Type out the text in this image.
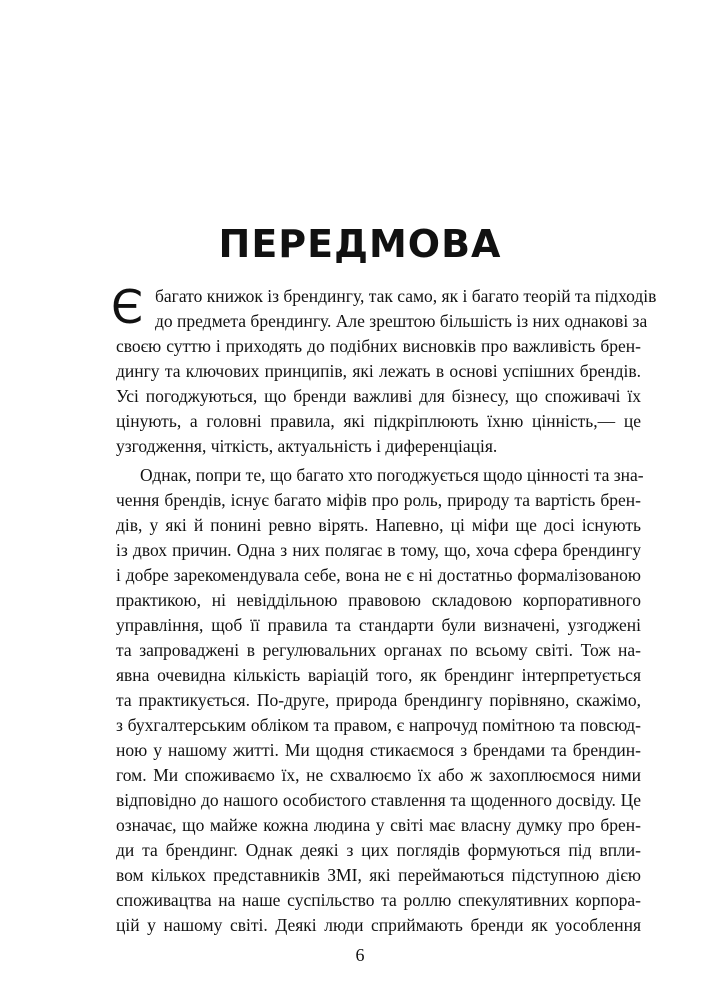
ПЕРЕДМОВА
Є багато книжок із брендингу, так само, як і багато теорій та підходів
до предмета брендингу. Але зрештою більшість із них однакові за
своєю суттю і приходять до подібних висновків про важливість брен-
дингу та ключових принципів, які лежать в основі успішних брендів.
Усі погоджуються, що бренди важливі для бізнесу, що споживачі їх
цінують, а головні правила, які підкріплюють їхню цінність,— це
узгодження, чіткість, актуальність і диференціація.
Однак, попри те, що багато хто погоджується щодо цінності та зна-
чення брендів, існує багато міфів про роль, природу та вартість брен-
дів, у які й понині ревно вірять. Напевно, ці міфи ще досі існують
із двох причин. Одна з них полягає в тому, що, хоча сфера брендингу
і добре зарекомендувала себе, вона не є ні достатньо формалізованою
практикою, ні невіддільною правовою складовою корпоративного
управління, щоб її правила та стандарти були визначені, узгоджені
та запроваджені в регулювальних органах по всьому світі. Тож на-
явна очевидна кількість варіацій того, як брендинг інтерпретується
та практикується. По-друге, природа брендингу порівняно, скажімо,
з бухгалтерським обліком та правом, є напрочуд помітною та повсюд-
ною у нашому житті. Ми щодня стикаємося з брендами та брендин-
гом. Ми споживаємо їх, не схвалюємо їх або ж захоплюємося ними
відповідно до нашого особистого ставлення та щоденного досвіду. Це
означає, що майже кожна людина у світі має власну думку про брен-
ди та брендинг. Однак деякі з цих поглядів формуються під впли-
вом кількох представників ЗМІ, які переймаються підступною дією
споживацтва на наше суспільство та роллю спекулятивних корпора-
цій у нашому світі. Деякі люди сприймають бренди як уособлення
6
